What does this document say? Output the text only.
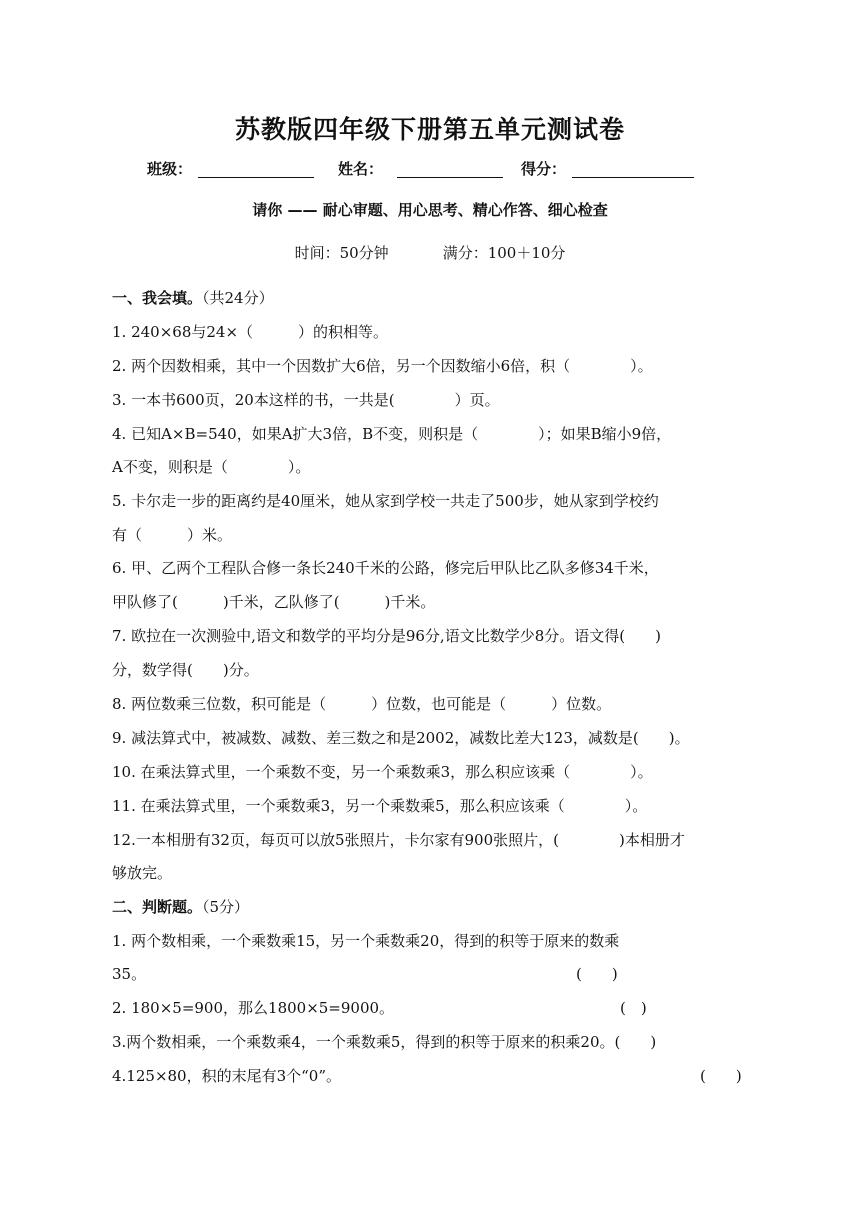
苏教版四年级下册第五单元测试卷
班级：	姓名：	得分：
请你 —— 耐心审题、用心思考、精心作答、细心检查
时间：50分钟	满分：100＋10分
一、我会填。（共24分）
1. 240×68与24×（　　　）的积相等。
2. 两个因数相乘，其中一个因数扩大6倍，另一个因数缩小6倍，积（　　　　）。
3. 一本书600页，20本这样的书，一共是(　　　　）页。
4. 已知A×B=540，如果A扩大3倍，B不变，则积是（　　　　）；如果B缩小9倍，
A不变，则积是（　　　　）。
5. 卡尔走一步的距离约是40厘米，她从家到学校一共走了500步，她从家到学校约
有（　　　）米。
6. 甲、乙两个工程队合修一条长240千米的公路，修完后甲队比乙队多修34千米，
甲队修了(　　　)千米，乙队修了(　　　)千米。
7. 欧拉在一次测验中,语文和数学的平均分是96分,语文比数学少8分。语文得(　　)
分，数学得(　　)分。
8. 两位数乘三位数，积可能是（　　　）位数，也可能是（　　　）位数。
9. 减法算式中，被减数、减数、差三数之和是2002，减数比差大123，减数是(　　)。
10. 在乘法算式里，一个乘数不变，另一个乘数乘3，那么积应该乘（　　　　）。
11. 在乘法算式里，一个乘数乘3，另一个乘数乘5，那么积应该乘（　　　　）。
12.一本相册有32页，每页可以放5张照片，卡尔家有900张照片，(　　　　)本相册才
够放完。
二、判断题。（5分）
1. 两个数相乘，一个乘数乘15，另一个乘数乘20，得到的积等于原来的数乘
35。	(　　)
2. 180×5=900，那么1800×5=9000。	(　)
3.两个数相乘，一个乘数乘4，一个乘数乘5，得到的积等于原来的积乘20。(　　)
4.125×80，积的末尾有3个“0”。	(　　)
